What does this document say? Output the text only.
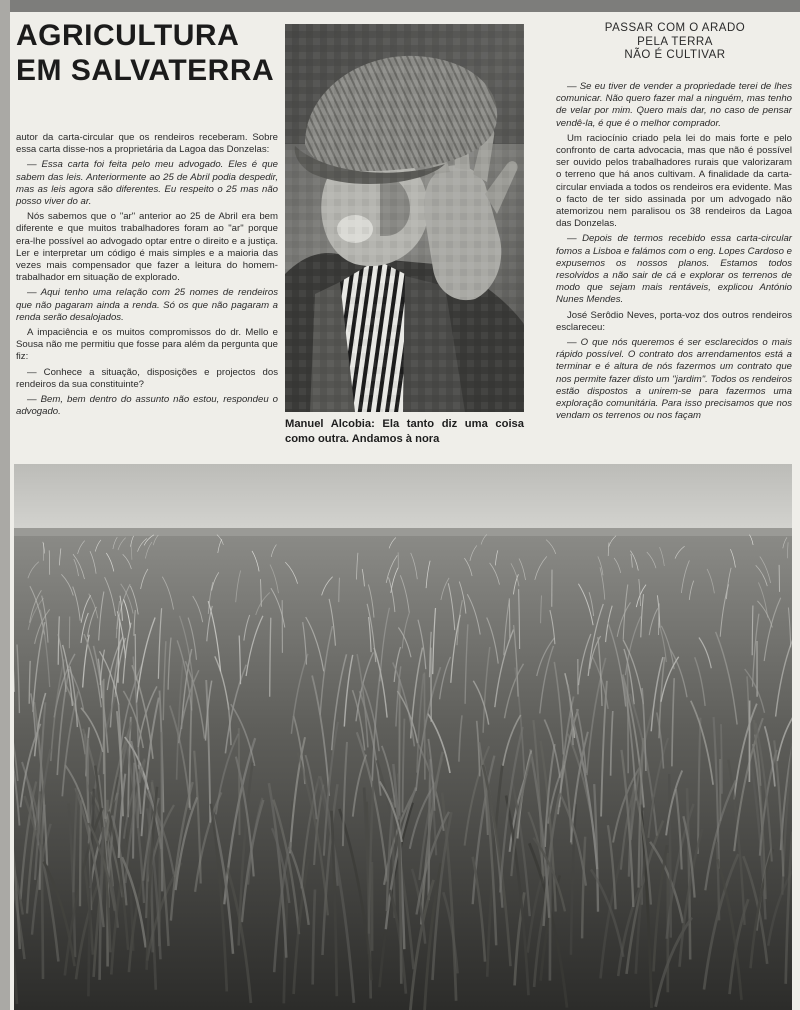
AGRICULTURA
EM SALVATERRA

autor da carta-circular que os rendeiros receberam. Sobre essa carta disse-nos a proprietária da Lagoa das Donzelas:

— Essa carta foi feita pelo meu advogado. Eles é que sabem das leis. Anteriormente ao 25 de Abril podia despedir, mas as leis agora são diferentes. Eu respeito o 25 mas não posso viver do ar.

Nós sabemos que o "ar" anterior ao 25 de Abril era bem diferente e que muitos trabalhadores foram ao "ar" porque era-lhe possível ao advogado optar entre o direito e a justiça. Ler e interpretar um código é mais simples e a maioria das vezes mais compensador que fazer a leitura do homem-trabalhador em situação de explorado.

— Aqui tenho uma relação com 25 nomes de rendeiros que não pagaram ainda a renda. Só os que não pagaram a renda serão desalojados.

A impaciência e os muitos compromissos do dr. Mello e Sousa não me permitiu que fosse para além da pergunta que fiz:

— Conhece a situação, disposições e projectos dos rendeiros da sua constituinte?

— Bem, bem dentro do assunto não estou, respondeu o advogado.

Manuel Alcobia: Ela tanto diz uma coisa como outra. Andamos à nora
PASSAR COM O ARADO
PELA TERRA
NÃO É CULTIVAR

— Se eu tiver de vender a propriedade terei de lhes comunicar. Não quero fazer mal a ninguém, mas tenho de velar por mim. Quero mais dar, no caso de pensar vendê-la, é que é o melhor comprador.

Um raciocínio criado pela lei do mais forte e pelo confronto de carta advocacia, mas que não é possível ser ouvido pelos trabalhadores rurais que valorizaram o terreno que há anos cultivam. A finalidade da carta-circular enviada a todos os rendeiros era evidente. Mas o facto de ter sido assinada por um advogado não atemorizou nem paralisou os 38 rendeiros da Lagoa das Donzelas.

— Depois de termos recebido essa carta-circular fomos a Lisboa e falámos com o eng. Lopes Cardoso e expusemos os nossos planos. Estamos todos resolvidos a não sair de cá e explorar os terrenos de modo que sejam mais rentáveis, explicou António Nunes Mendes.

José Serôdio Neves, porta-voz dos outros rendeiros esclareceu:

— O que nós queremos é ser esclarecidos o mais rápido possível. O contrato dos arrendamentos está a terminar e é altura de nós fazermos um contrato que nos permite fazer disto um "jardim". Todos os rendeiros estão dispostos a unirem-se para fazermos uma exploração comunitária. Para isso precisamos que nos vendam os terrenos ou nos façam
